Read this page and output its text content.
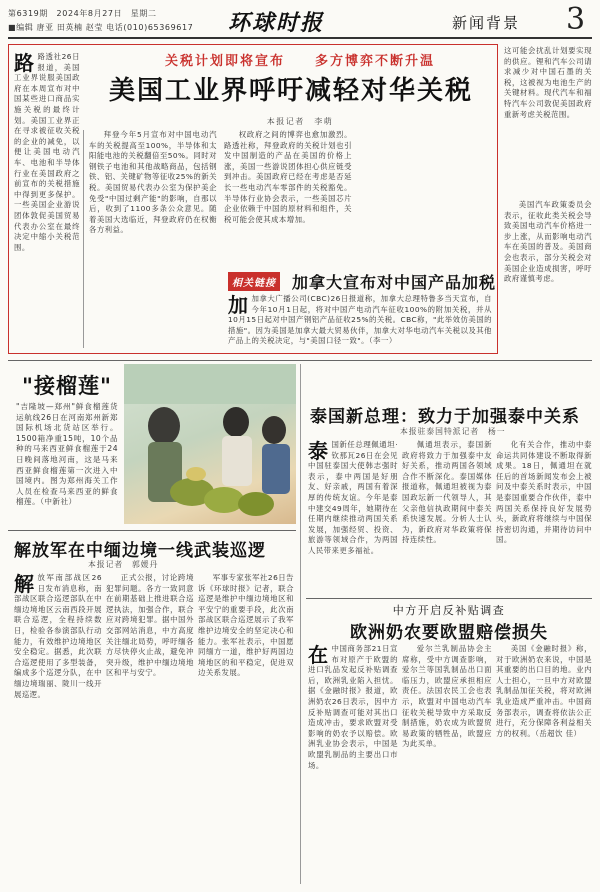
第6319期　2024年8月27日　星期二
■编辑 唐亚 田英楠 赵莹 电话(010)65369617 环球时报	新闻背景 3
关税计划即将宣布　　多方博弈不断升温
美国工业界呼吁减轻对华关税
本报记者　李萌
路路透社26日报道，美国工业界说服美国政府在本周宣布对中国某些进口商品实施关税的最终计划。美国工业界正在寻求被征收关税的企业的减免，以便让美国电动汽车、电池和半导体行业在美国政府之前宣布的关税措施中得到更多保护。一些美国企业游说团体敦促美国贸易代表办公室在最终决定中缩小关税范围。

拜登今年5月宣布对中国电动汽车的关税提高至100%，半导体和太阳能电池的关税翻倍至50%。同时对钢铁子电池和其他战略商品，包括钢铁、铝、关键矿物等征收25%的新关税。美国贸易代表办公室为保护美企免受"中国过剩产能"的影响，自那以后，收到了1100多条公众意见。随着美国大选临近，拜登政府仍在权衡各方利益。

权政府之间的博弈也愈加激烈。路透社称，拜登政府的关税计划也引发中国制造的产品在美国的价格上涨，美国一些游说团体担心供应链受到冲击。美国政府已经在考虑是否延长一些电动汽车零部件的关税豁免。半导体行业协会表示，一些美国芯片企业依赖于中国的原材料和组件，关税可能会使其成本增加。

相关链接 加拿大宣布对中国产品加税
加加拿大广播公司(CBC)26日报道称，加拿大总理特鲁多当天宣布，自今年10月1日起，将对中国产电动汽车征收100%的附加关税，并从10月15日起对中国产钢铝产品征收25%的关税。CBC称，"此举效仿美国的措施"。因为美国是加拿大最大贸易伙伴，加拿大对华电动汽车关税以及其他产品上的关税决定，与"美国口径一致"。（李一）
这可能会扰乱计划要实现的供应。锂和汽车公司请求减少对中国石墨的关税，这被视为电池生产的关键材料。现代汽车和福特汽车公司敦促美国政府重新考虑关税范围。

美国汽车政策委员会表示，征收此类关税会导致美国电动汽车价格进一步上涨，从而影响电动汽车在美国的普及。美国商会也表示，部分关税会对美国企业造成损害，呼吁政府谨慎考虑。

"接榴莲"
"吉隆坡—郑州"鲜食榴莲货运航线26日在河南郑州新郑国际机场北货站区举行。1500箱净重15吨，10个品种的马来西亚鲜食榴莲于24日晚间落地河南，这是马来西亚鲜食榴莲第一次进入中国境内。图为郑州海关工作人员在检查马来西亚的鲜食榴莲。（中新社）
解放军在中缅边境一线武装巡逻
本报记者　郭媛丹
解放军南部战区26日发布消息称，南部战区联合巡逻部队在中缅边境地区云南西段开展联合巡逻，全程持续数日，检验各参演部队行动能力，有效维护边境地区安全稳定。据悉，此次联合巡逻使用了多型装备，编成多个巡逻分队，在中缅边境瑞丽、陇川一线开展巡逻。

正式公报，讨论跨境犯罪问题。各方一致同意在前期基础上推进联合巡逻执法，加强合作，联合应对跨境犯罪。据中国外交部网站消息，中方高度关注缅北局势，呼吁缅各方尽快停火止战，避免冲突升级，维护中缅边境地区和平与安宁。

军事专家张军社26日告诉《环球时报》记者，联合巡逻是维护中缅边境地区和平安宁的重要手段，此次南部战区联合巡逻展示了我军维护边境安全的坚定决心和能力。张军社表示，中国愿同缅方一道，维护好两国边境地区的和平稳定，促进双边关系发展。

泰国新总理：致力于加强泰中关系
本报驻泰国特派记者　杨一
泰国新任总理佩通坦·钦那瓦26日在会见中国驻泰国大使韩志强时表示，泰中两国是好朋友、好亲戚，两国有着深厚的传统友谊。今年是泰中建交49周年，她期待在任期内继续推动两国关系发展，加强经贸、投资、旅游等领域合作，为两国人民带来更多福祉。

佩通坦表示，泰国新政府将致力于加强泰中友好关系，推动两国各领域合作不断深化。泰国媒体报道称，佩通坦被视为泰国政坛新一代领导人，其父亲他信执政期间中泰关系快速发展。分析人士认为，新政府对华政策将保持连续性。

化有关合作，推动中泰命运共同体建设不断取得新成果。18日，佩通坦在就任后的首场新闻发布会上被问及中泰关系时表示，中国是泰国重要合作伙伴，泰中两国关系保持良好发展势头，新政府将继续与中国保持密切沟通，并期待访问中国。

中方开启反补贴调查
欧洲奶农要欧盟赔偿损失
在中国商务部21日宣布对原产于欧盟的进口乳品发起反补贴调查后，欧洲乳业陷入担忧。据《金融时报》报道，欧洲奶农26日表示，因中方反补贴调查可能对其出口造成冲击，要求欧盟对受影响的奶农予以赔偿。欧洲乳业协会表示，中国是欧盟乳制品的主要出口市场。

爱尔兰乳制品协会主席称，受中方调查影响，爱尔兰等国乳制品出口面临压力，欧盟应承担相应责任。法国农民工会也表示，欧盟对中国电动汽车征收关税导致中方采取反制措施，奶农成为欧盟贸易政策的牺牲品，欧盟应为此买单。

美国《金融时报》称，对于欧洲奶农来说，中国是其重要的出口目的地。业内人士担心，一旦中方对欧盟乳制品加征关税，将对欧洲乳业造成严重冲击。中国商务部表示，调查将依法公正进行，充分保障各利益相关方的权利。（岳超饮 佳）
